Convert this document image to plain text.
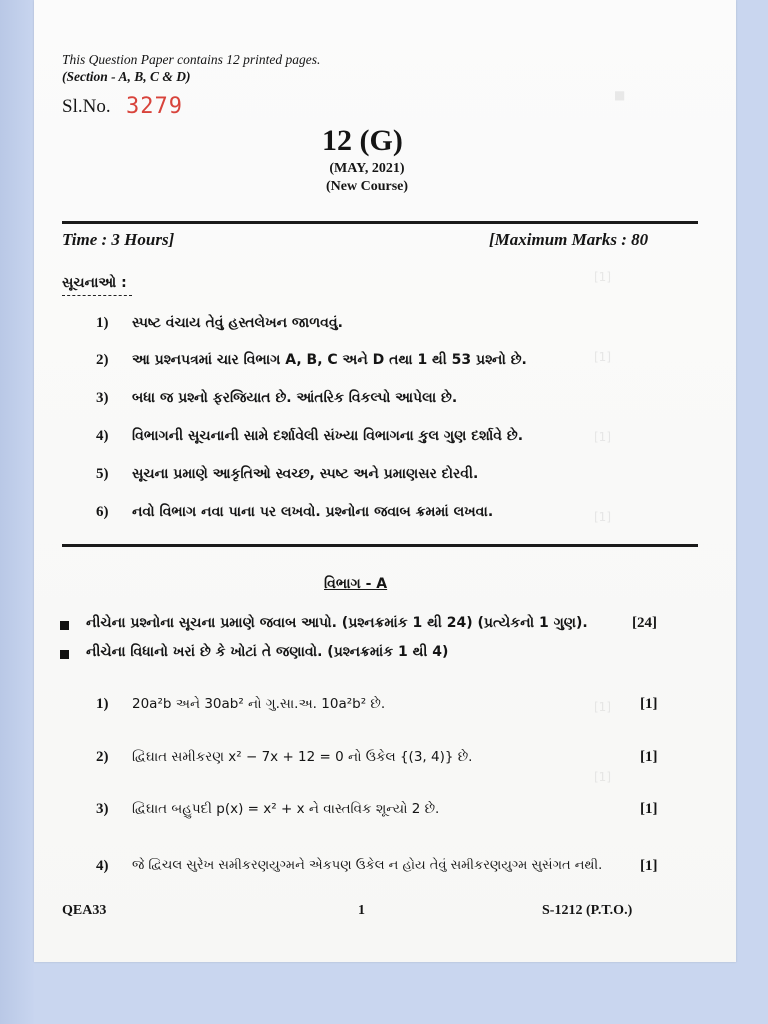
■
[1]
[1]
[1]
[1]
[1]
[1]
This Question Paper contains 12 printed pages.
(Section - A, B, C & D)
Sl.No. 3279
12 (G)
(MAY, 2021)
(New Course)
Time : 3 Hours]	[Maximum Marks : 80
સૂચનાઓ :
1) સ્પષ્ટ વંચાય તેવું હસ્તલેખન જાળવવું.
2) આ પ્રશ્નપત્રમાં ચાર વિભાગ A, B, C અને D તથા 1 થી 53 પ્રશ્નો છે.
3) બધા જ પ્રશ્નો ફરજિયાત છે. આંતરિક વિકલ્પો આપેલા છે.
4) વિભાગની સૂચનાની સામે દર્શાવેલી સંખ્યા વિભાગના કુલ ગુણ દર્શાવે છે.
5) સૂચના પ્રમાણે આકૃતિઓ સ્વચ્છ, સ્પષ્ટ અને પ્રમાણસર દોરવી.
6) નવો વિભાગ નવા પાના પર લખવો. પ્રશ્નોના જવાબ ક્રમમાં લખવા.
વિભાગ - A
નીચેના પ્રશ્નોના સૂચના પ્રમાણે જવાબ આપો. (પ્રશ્નક્રમાંક 1 થી 24) (પ્રત્યેકનો 1 ગુણ).	[24]
નીચેના વિધાનો ખરાં છે કે ખોટાં તે જણાવો. (પ્રશ્નક્રમાંક 1 થી 4)
1) 20a²b અને 30ab² નો ગુ.સા.અ. 10a²b² છે.	[1]
2) દ્વિઘાત સમીકરણ x² − 7x + 12 = 0 નો ઉકેલ {(3, 4)} છે.	[1]
3) દ્વિઘાત બહુપદી p(x) = x² + x ને વાસ્તવિક શૂન્યો 2 છે.	[1]
4) જે દ્વિચલ સુરેખ સમીકરણયુગ્મને એકપણ ઉકેલ ન હોય તેવું સમીકરણયુગ્મ સુસંગત નથી.	[1]
QEA33	1	S-1212 (P.T.O.)
